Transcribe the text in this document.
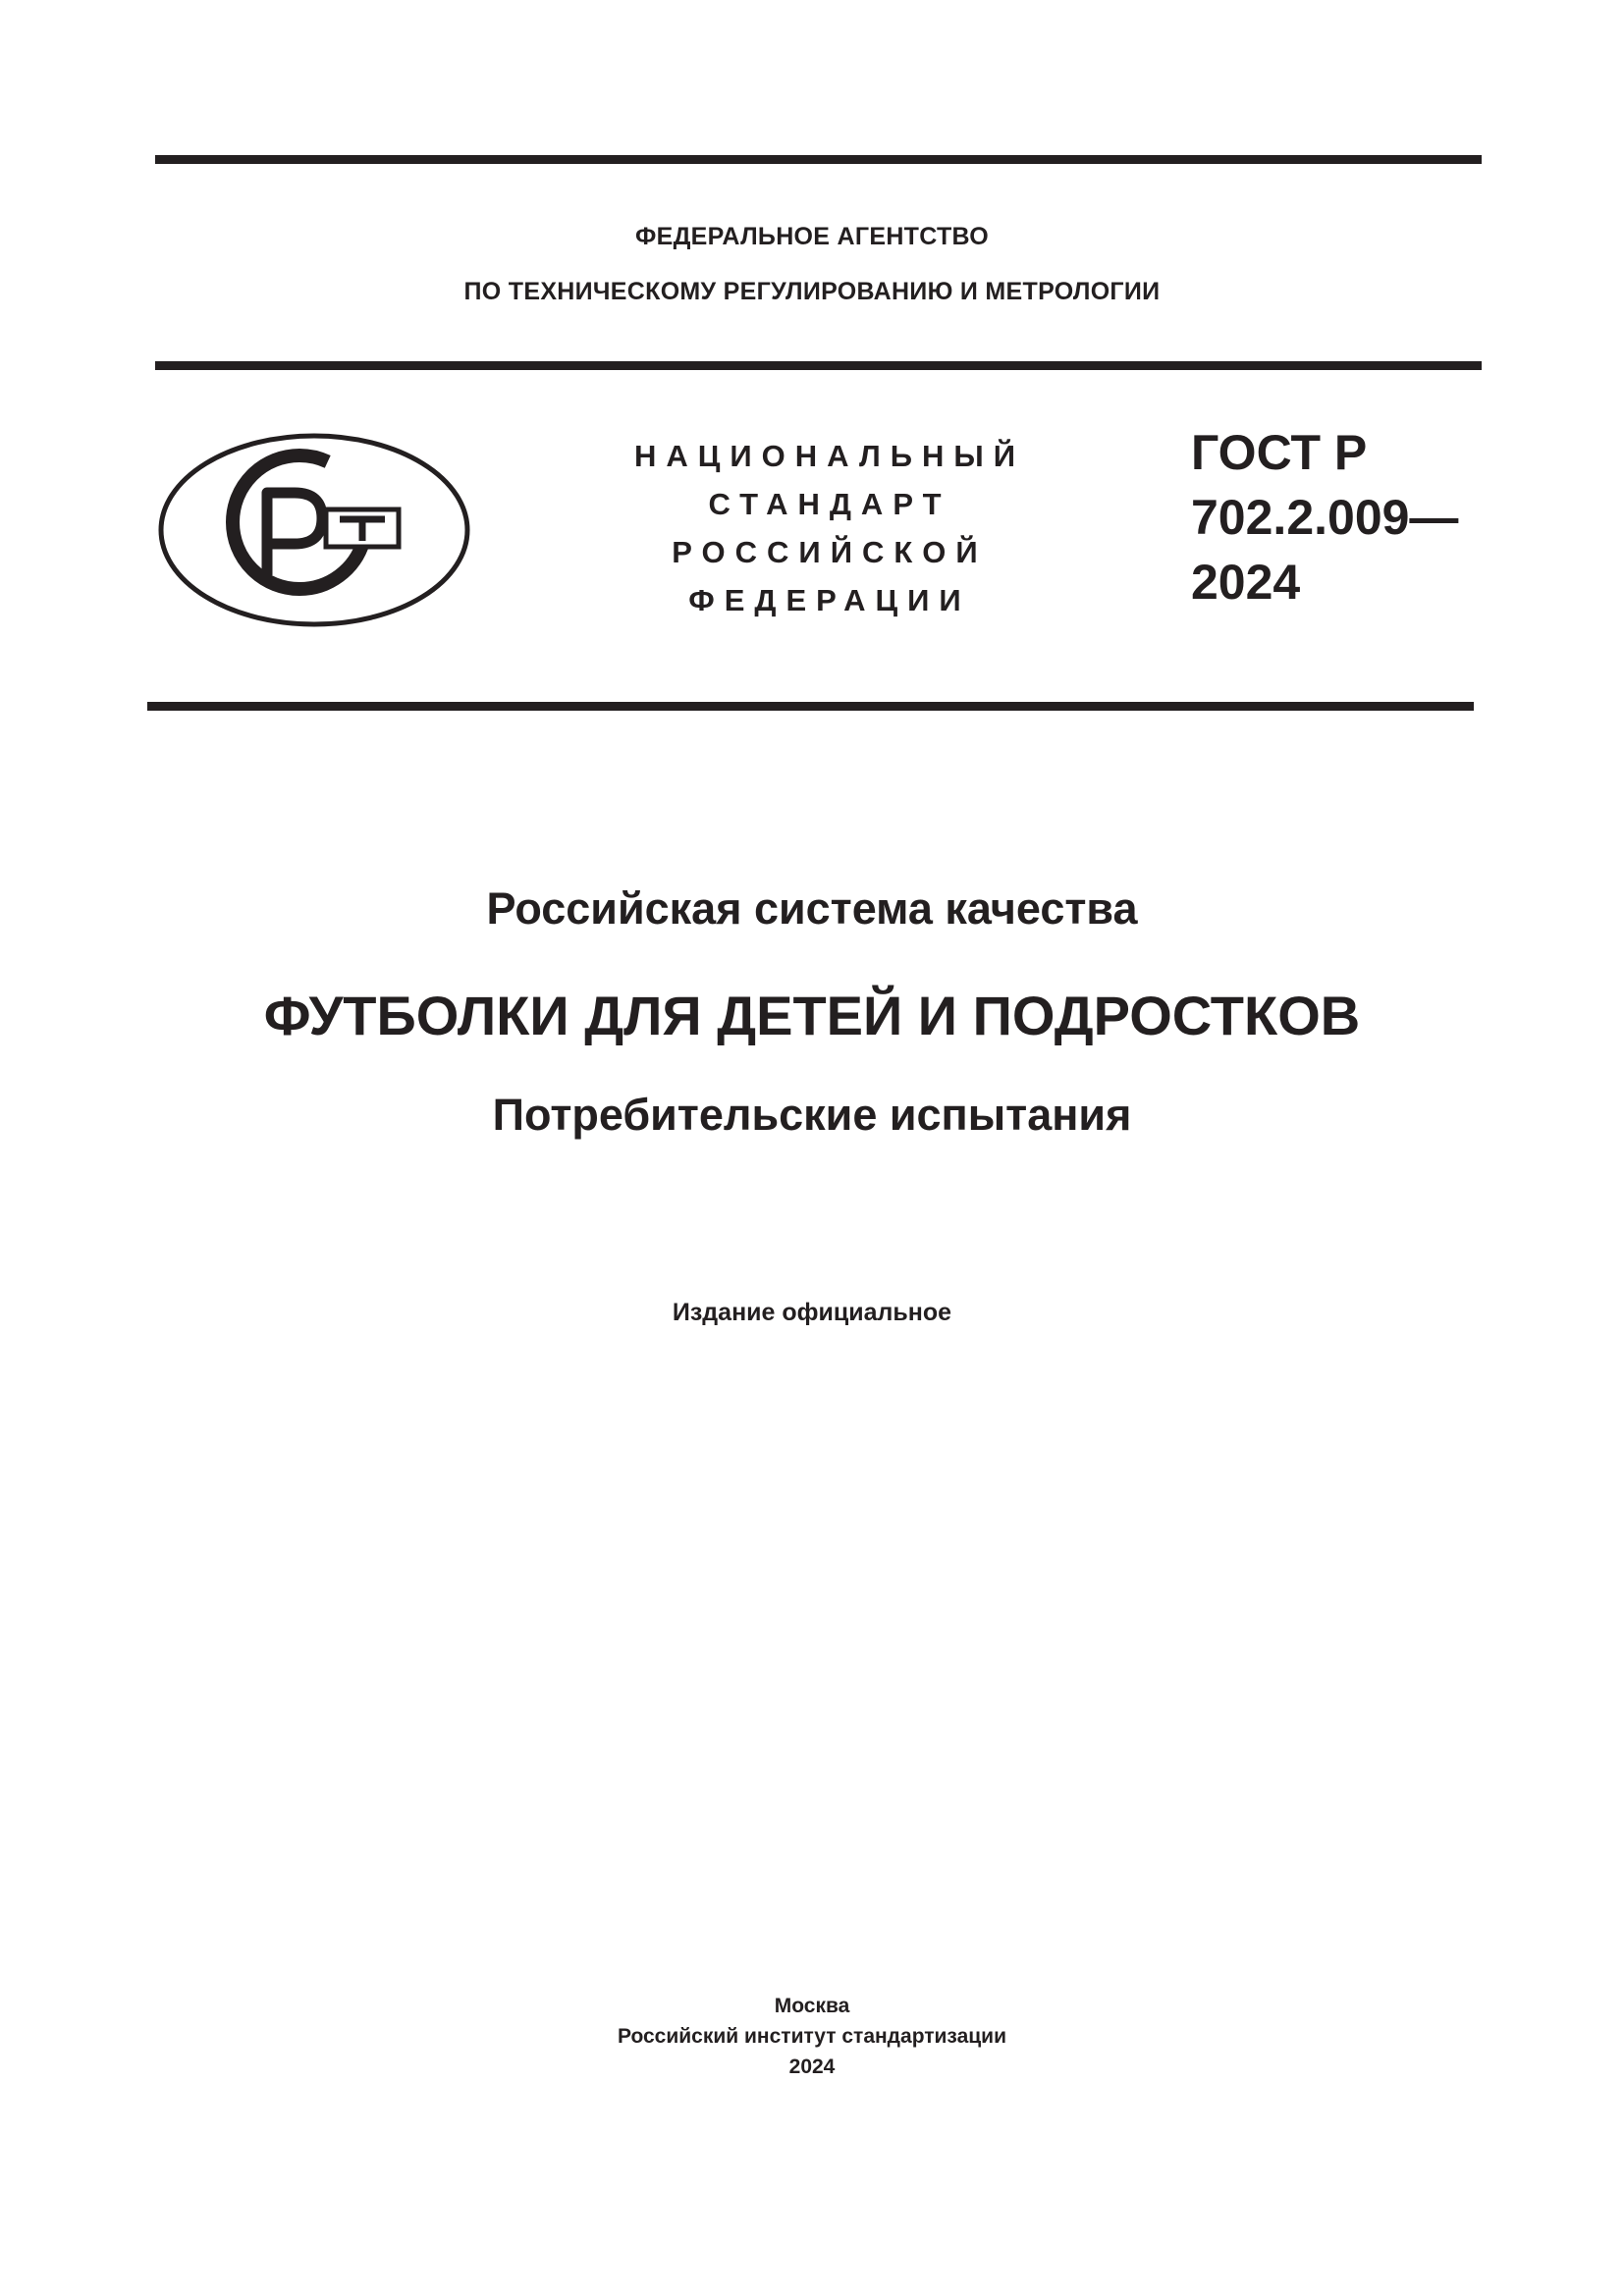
ФЕДЕРАЛЬНОЕ АГЕНТСТВО
ПО ТЕХНИЧЕСКОМУ РЕГУЛИРОВАНИЮ И МЕТРОЛОГИИ
НАЦИОНАЛЬНЫЙ
СТАНДАРТ
РОССИЙСКОЙ
ФЕДЕРАЦИИ
ГОСТ Р
702.2.009—
2024
Российская система качества
ФУТБОЛКИ ДЛЯ ДЕТЕЙ И ПОДРОСТКОВ
Потребительские испытания
Издание официальное
Москва
Российский институт стандартизации
2024
